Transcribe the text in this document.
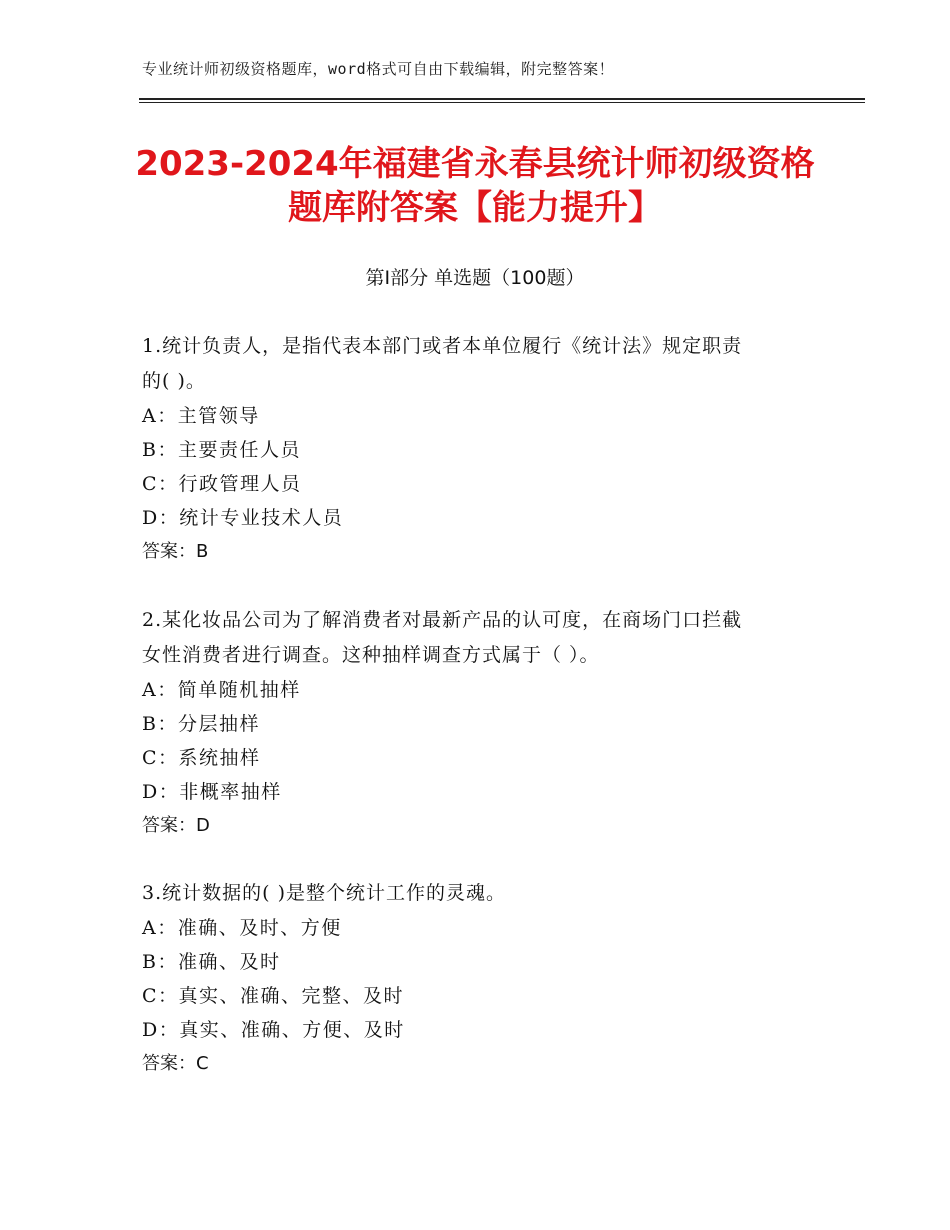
专业统计师初级资格题库，word格式可自由下载编辑，附完整答案！
2023-2024年福建省永春县统计师初级资格
题库附答案【能力提升】
第Ⅰ部分 单选题（100题）
1.统计负责人，是指代表本部门或者本单位履行《统计法》规定职责
的( )。
A：主管领导
B：主要责任人员
C：行政管理人员
D：统计专业技术人员
答案：B
2.某化妆品公司为了解消费者对最新产品的认可度，在商场门口拦截
女性消费者进行调查。这种抽样调查方式属于（ ）。
A：简单随机抽样
B：分层抽样
C：系统抽样
D：非概率抽样
答案：D
3.统计数据的( )是整个统计工作的灵魂。
A：准确、及时、方便
B：准确、及时
C：真实、准确、完整、及时
D：真实、准确、方便、及时
答案：C
